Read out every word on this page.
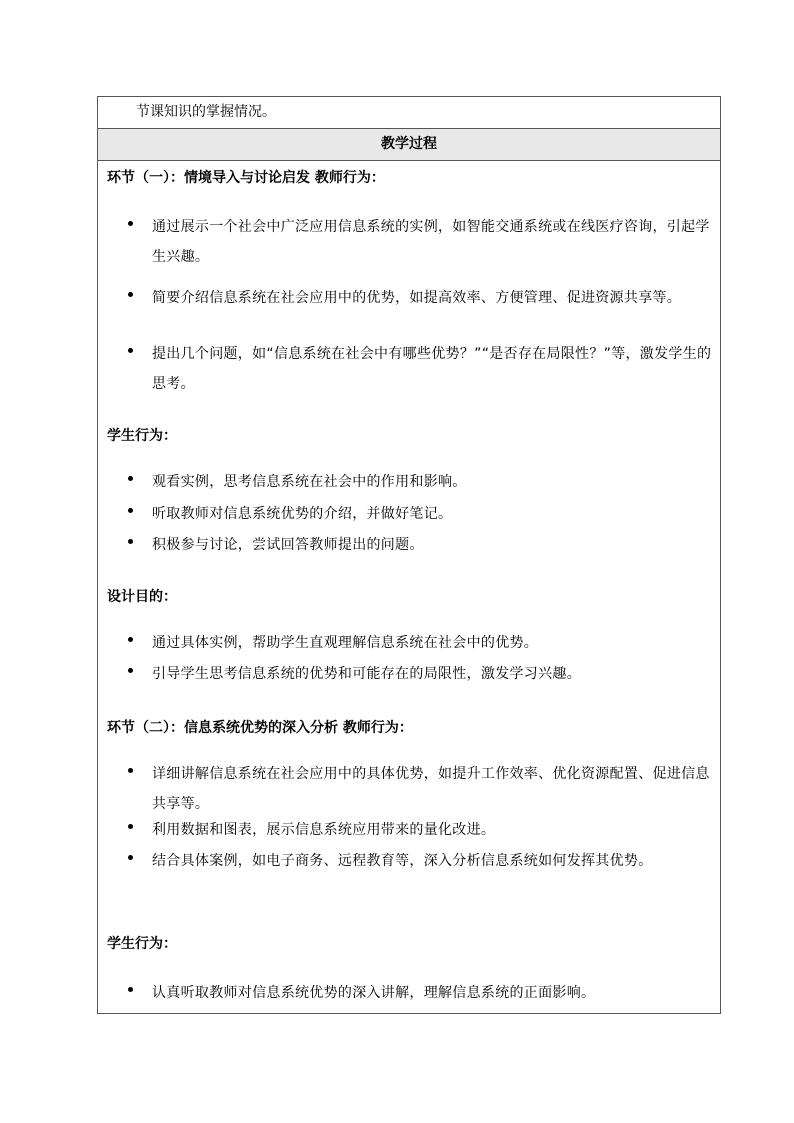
节课知识的掌握情况。
教学过程
环节（一）：情境导入与讨论启发 教师行为：
通过展示一个社会中广泛应用信息系统的实例，如智能交通系统或在线医疗咨询，引起学生兴趣。
简要介绍信息系统在社会应用中的优势，如提高效率、方便管理、促进资源共享等。
提出几个问题，如“信息系统在社会中有哪些优势？”“是否存在局限性？”等，激发学生的思考。
学生行为：
观看实例，思考信息系统在社会中的作用和影响。
听取教师对信息系统优势的介绍，并做好笔记。
积极参与讨论，尝试回答教师提出的问题。
设计目的：
通过具体实例，帮助学生直观理解信息系统在社会中的优势。
引导学生思考信息系统的优势和可能存在的局限性，激发学习兴趣。
环节（二）：信息系统优势的深入分析 教师行为：
详细讲解信息系统在社会应用中的具体优势，如提升工作效率、优化资源配置、促进信息共享等。
利用数据和图表，展示信息系统应用带来的量化改进。
结合具体案例，如电子商务、远程教育等，深入分析信息系统如何发挥其优势。
学生行为：
认真听取教师对信息系统优势的深入讲解，理解信息系统的正面影响。
